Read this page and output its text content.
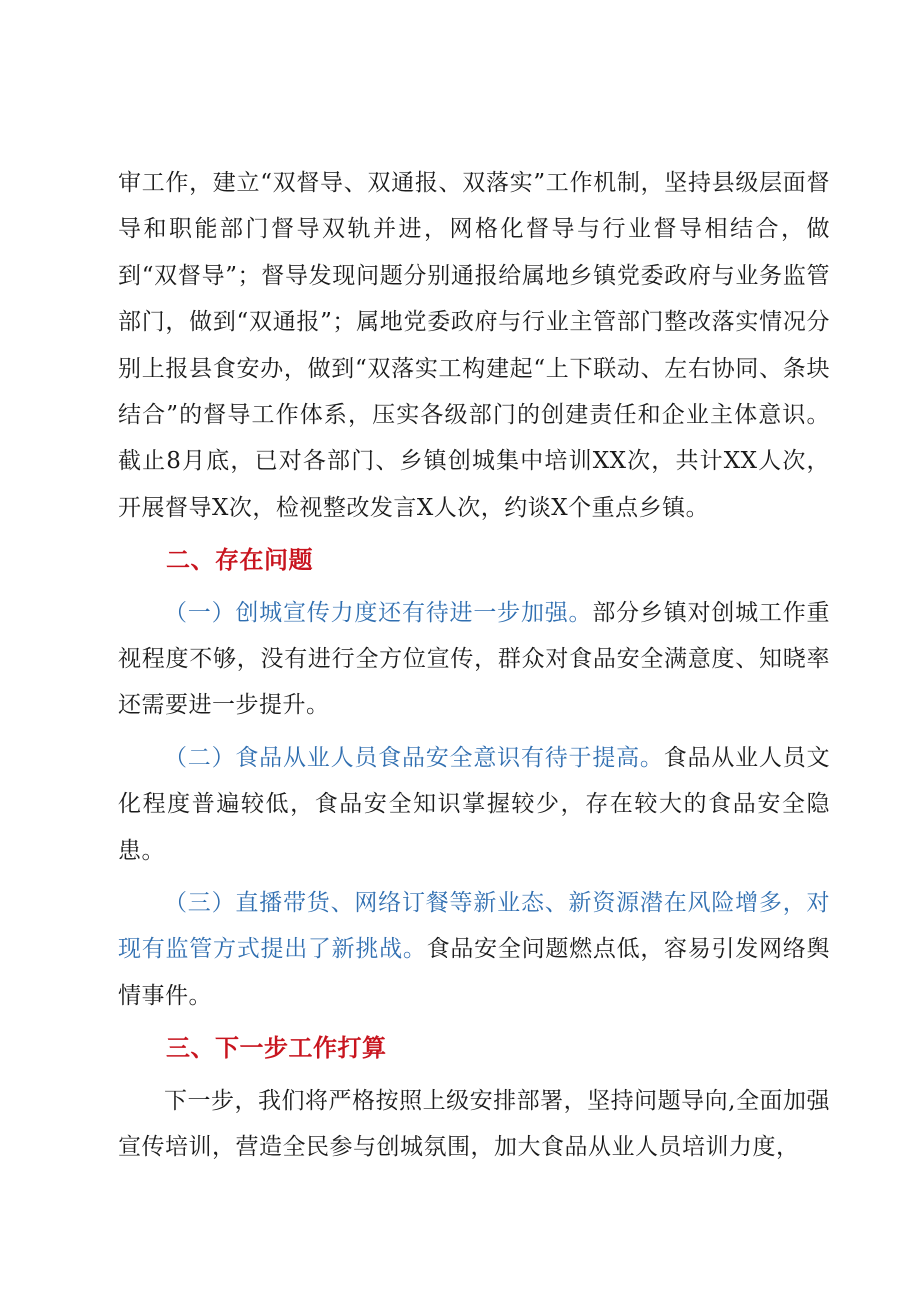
审工作，建立“双督导、双通报、双落实”工作机制，坚持县级层面督导和职能部门督导双轨并进，网格化督导与行业督导相结合，做到“双督导”；督导发现问题分别通报给属地乡镇党委政府与业务监管部门，做到“双通报”；属地党委政府与行业主管部门整改落实情况分别上报县食安办，做到“双落实工构建起“上下联动、左右协同、条块结合”的督导工作体系，压实各级部门的创建责任和企业主体意识。截止8月底，已对各部门、乡镇创城集中培训XX次，共计XX人次，开展督导X次，检视整改发言X人次，约谈X个重点乡镇。

二、存在问题

（一）创城宣传力度还有待进一步加强。部分乡镇对创城工作重视程度不够，没有进行全方位宣传，群众对食品安全满意度、知晓率还需要进一步提升。

（二）食品从业人员食品安全意识有待于提高。食品从业人员文化程度普遍较低，食品安全知识掌握较少，存在较大的食品安全隐患。

（三）直播带货、网络订餐等新业态、新资源潜在风险增多，对现有监管方式提出了新挑战。食品安全问题燃点低，容易引发网络舆情事件。

三、下一步工作打算

下一步，我们将严格按照上级安排部署，坚持问题导向,全面加强宣传培训，营造全民参与创城氛围，加大食品从业人员培训力度，
